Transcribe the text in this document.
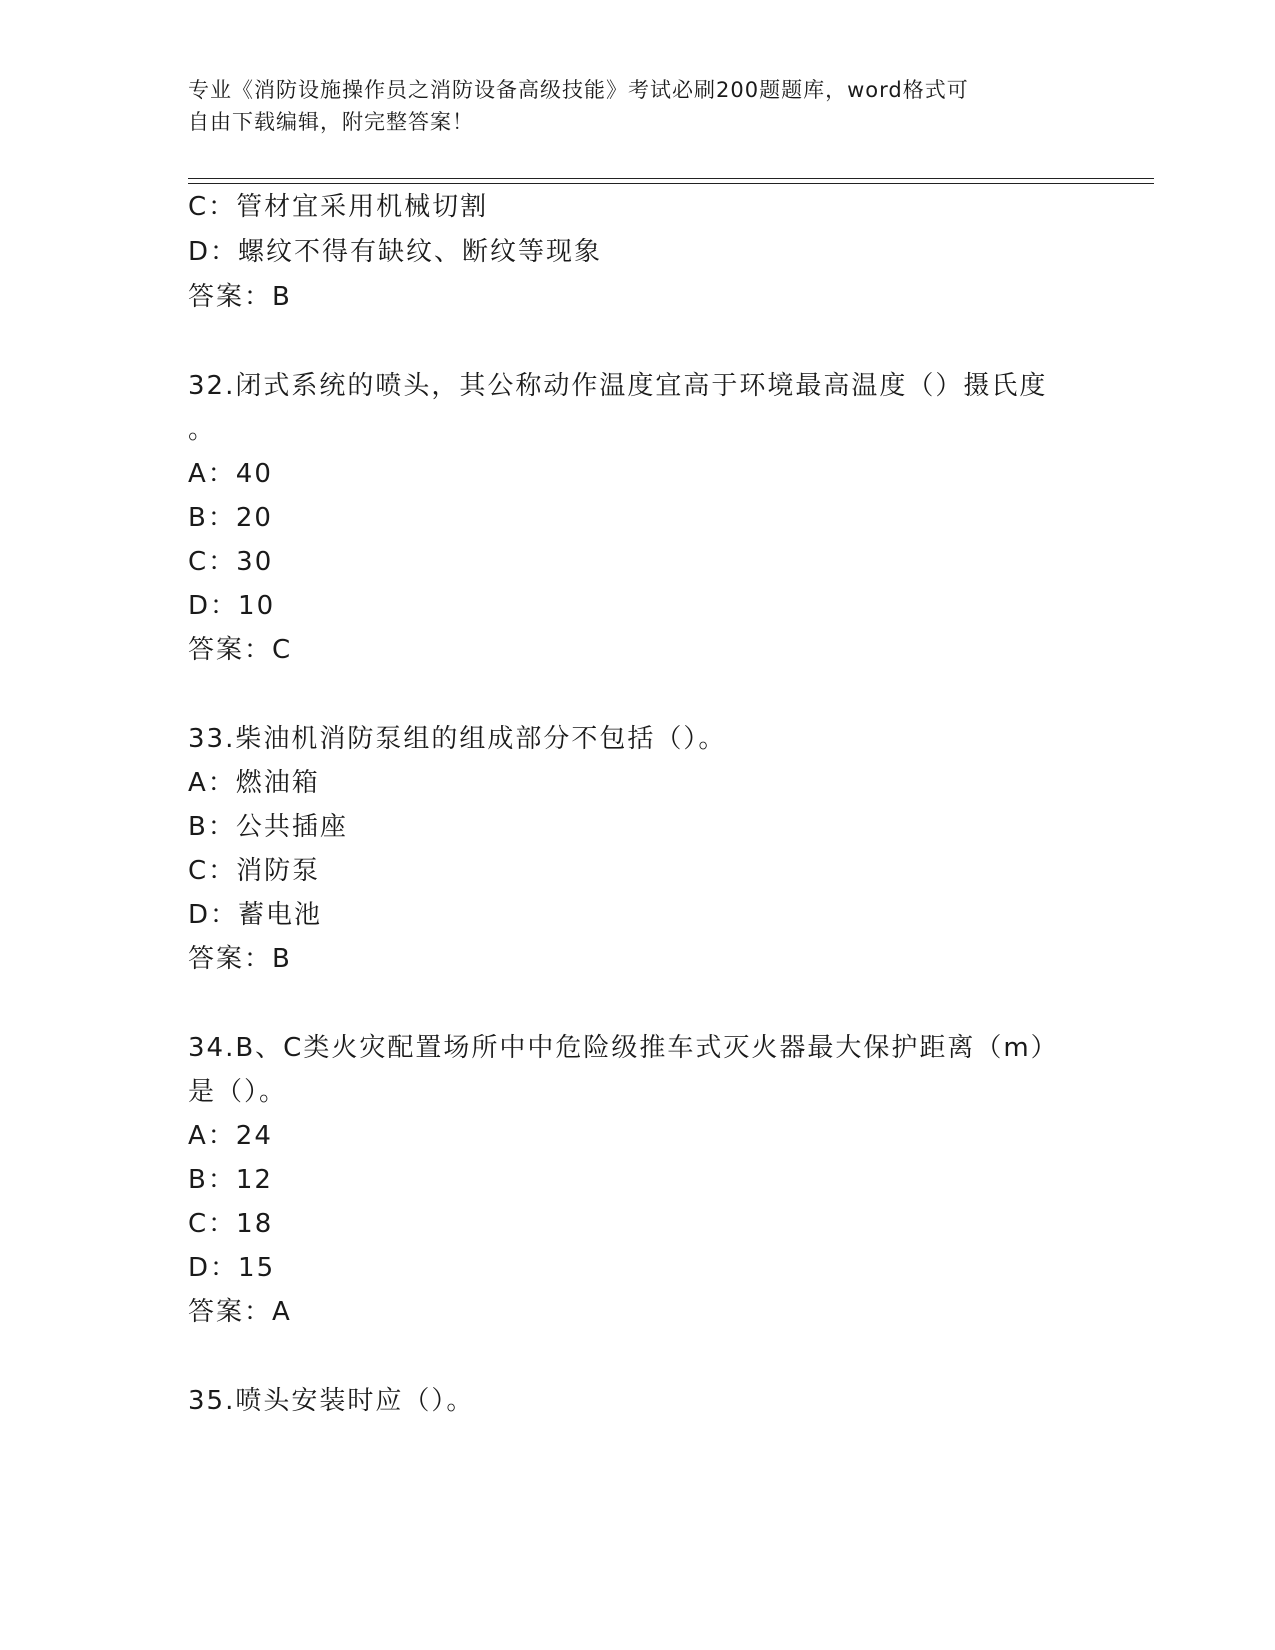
专业《消防设施操作员之消防设备高级技能》考试必刷200题题库，word格式可
自由下载编辑，附完整答案！
C：管材宜采用机械切割
D：螺纹不得有缺纹、断纹等现象
答案：B
32.闭式系统的喷头，其公称动作温度宜高于环境最高温度（）摄氏度
。
A：40
B：20
C：30
D：10
答案：C
33.柴油机消防泵组的组成部分不包括（）。
A：燃油箱
B：公共插座
C：消防泵
D：蓄电池
答案：B
34.B、C类火灾配置场所中中危险级推车式灭火器最大保护距离（m）
是（）。
A：24
B：12
C：18
D：15
答案：A
35.喷头安装时应（）。
